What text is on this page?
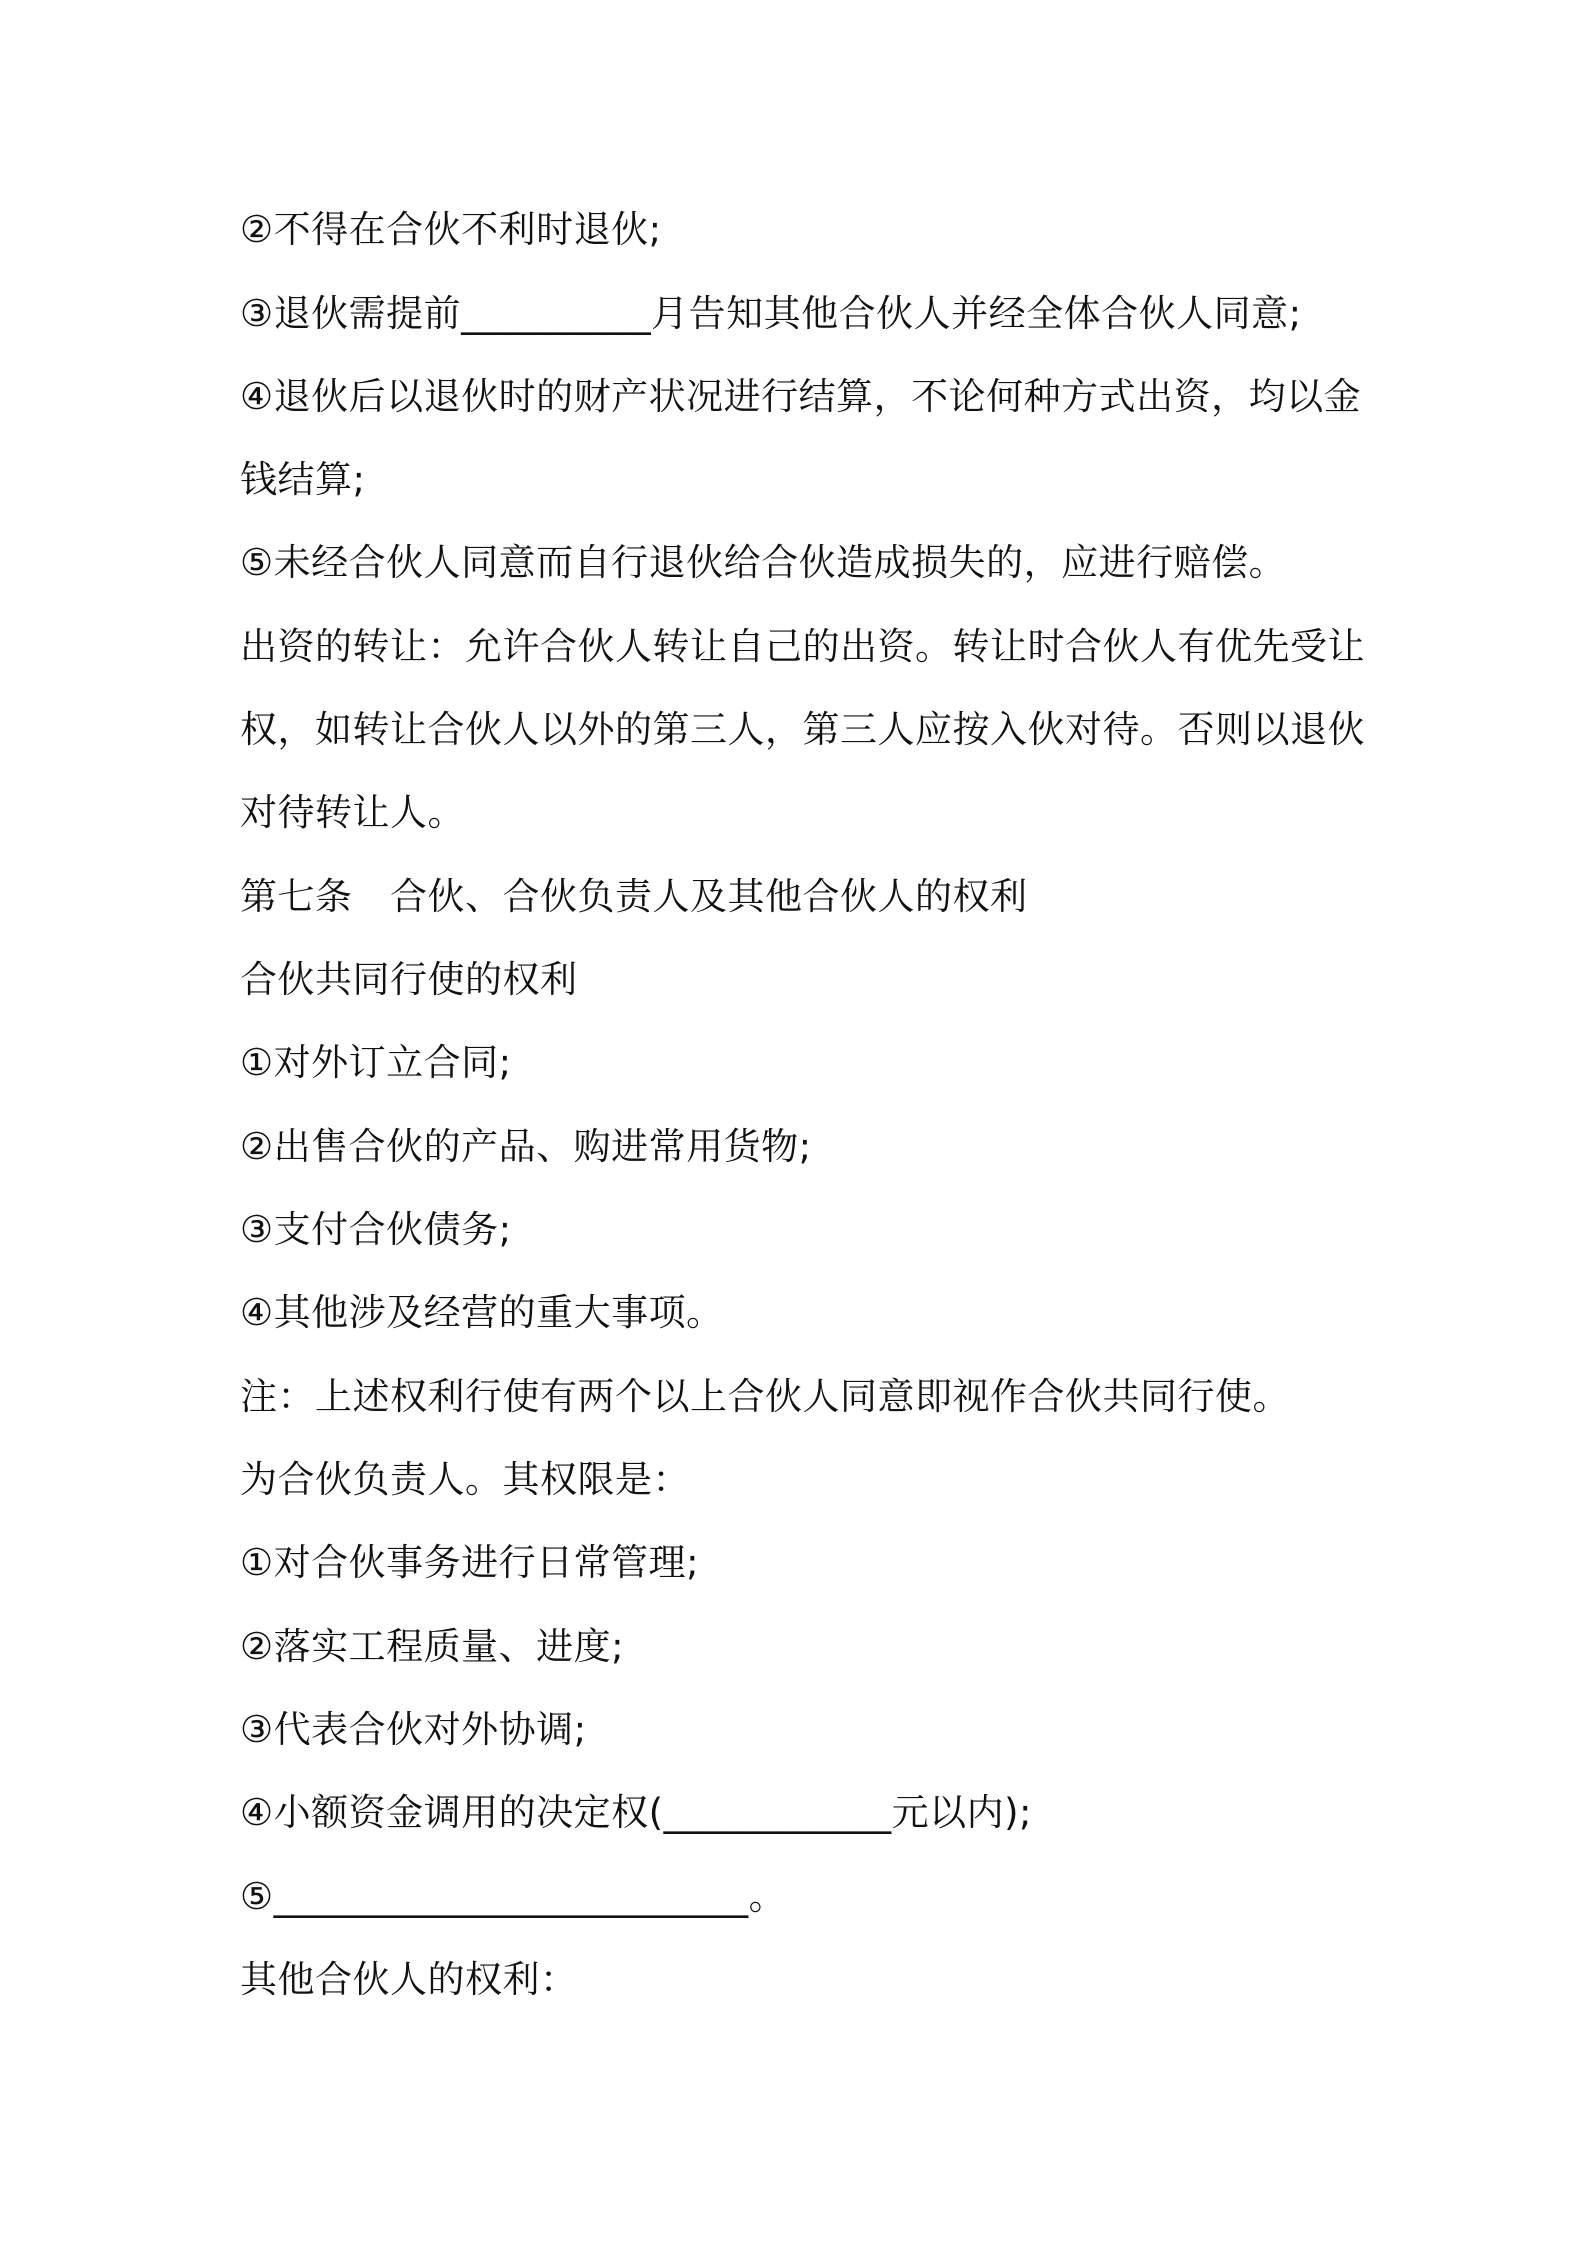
②不得在合伙不利时退伙;

③退伙需提前__________月告知其他合伙人并经全体合伙人同意;

④退伙后以退伙时的财产状况进行结算，不论何种方式出资，均以金

钱结算;

⑤未经合伙人同意而自行退伙给合伙造成损失的，应进行赔偿。

出资的转让：允许合伙人转让自己的出资。转让时合伙人有优先受让

权，如转让合伙人以外的第三人，第三人应按入伙对待。否则以退伙

对待转让人。

第七条　合伙、合伙负责人及其他合伙人的权利

合伙共同行使的权利

①对外订立合同;

②出售合伙的产品、购进常用货物;

③支付合伙债务;

④其他涉及经营的重大事项。

注：上述权利行使有两个以上合伙人同意即视作合伙共同行使。

为合伙负责人。其权限是：

①对合伙事务进行日常管理;

②落实工程质量、进度;

③代表合伙对外协调;

④小额资金调用的决定权(____________元以内);

⑤_________________________。

其他合伙人的权利：
